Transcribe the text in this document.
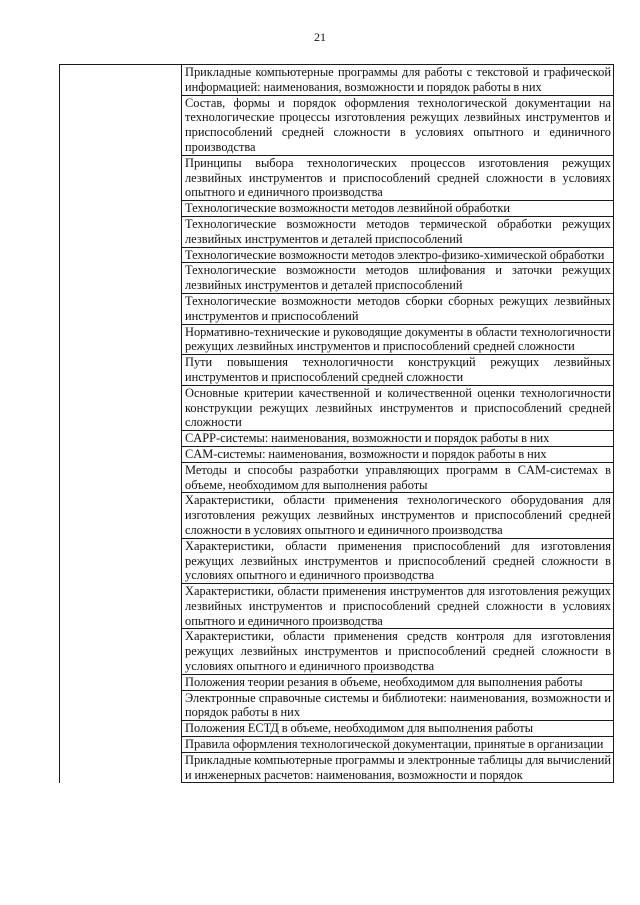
21

Прикладные компьютерные программы для работы с текстовой и графической информацией: наименования, возможности и порядок работы в них

Состав, формы и порядок оформления технологической документации на технологические процессы изготовления режущих лезвийных инструментов и приспособлений средней сложности в условиях опытного и единичного производства

Принципы выбора технологических процессов изготовления режущих лезвийных инструментов и приспособлений средней сложности в условиях опытного и единичного производства

Технологические возможности методов лезвийной обработки

Технологические возможности методов термической обработки режущих лезвийных инструментов и деталей приспособлений

Технологические возможности методов электро-физико-химической обработки

Технологические возможности методов шлифования и заточки режущих лезвийных инструментов и деталей приспособлений

Технологические возможности методов сборки сборных режущих лезвийных инструментов и приспособлений

Нормативно-технические и руководящие документы в области технологичности режущих лезвийных инструментов и приспособлений средней сложности

Пути повышения технологичности конструкций режущих лезвийных инструментов и приспособлений средней сложности

Основные критерии качественной и количественной оценки технологичности конструкции режущих лезвийных инструментов и приспособлений средней сложности

CAPP-системы: наименования, возможности и порядок работы в них

CAM-системы: наименования, возможности и порядок работы в них

Методы и способы разработки управляющих программ в CAM-системах в объеме, необходимом для выполнения работы

Характеристики, области применения технологического оборудования для изготовления режущих лезвийных инструментов и приспособлений средней сложности в условиях опытного и единичного производства

Характеристики, области применения приспособлений для изготовления режущих лезвийных инструментов и приспособлений средней сложности в условиях опытного и единичного производства

Характеристики, области применения инструментов для изготовления режущих лезвийных инструментов и приспособлений средней сложности в условиях опытного и единичного производства

Характеристики, области применения средств контроля для изготовления режущих лезвийных инструментов и приспособлений средней сложности в условиях опытного и единичного производства

Положения теории резания в объеме, необходимом для выполнения работы

Электронные справочные системы и библиотеки: наименования, возможности и порядок работы в них

Положения ЕСТД в объеме, необходимом для выполнения работы

Правила оформления технологической документации, принятые в организации

Прикладные компьютерные программы и электронные таблицы для вычислений и инженерных расчетов: наименования, возможности и порядок
